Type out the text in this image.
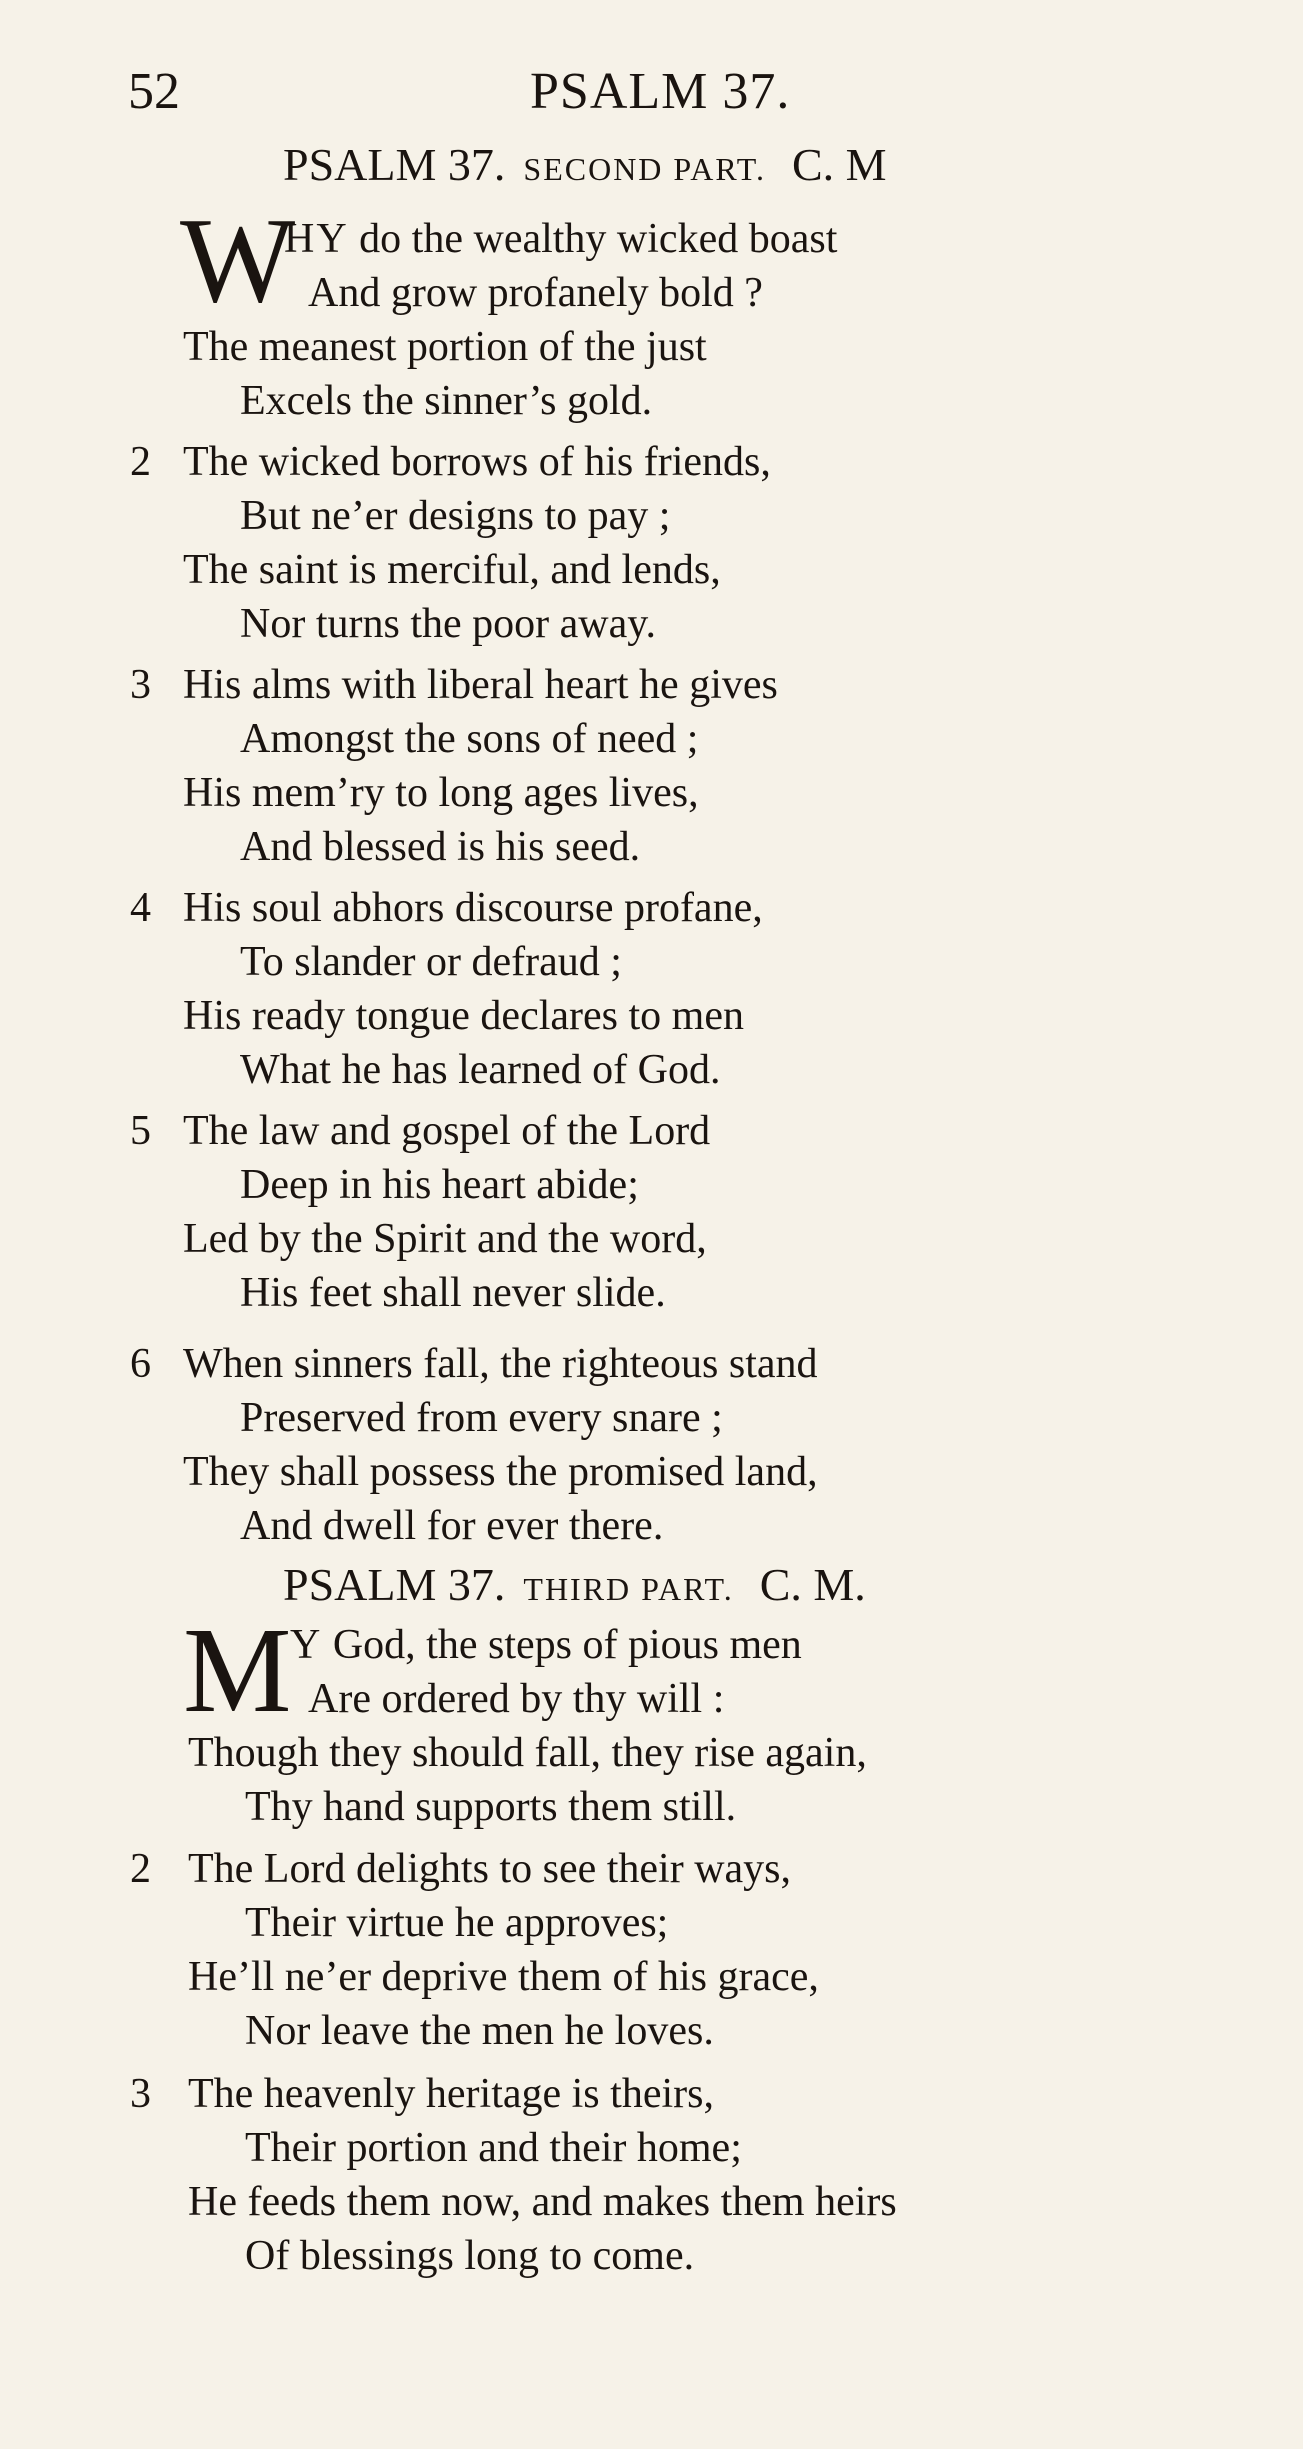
52	PSALM 37.
PSALM 37. SECOND PART. C. M
W
HY do the wealthy wicked boast
And grow profanely bold ?
The meanest portion of the just
Excels the sinner’s gold.
2 The wicked borrows of his friends,
But ne’er designs to pay ;
The saint is merciful, and lends,
Nor turns the poor away.
3 His alms with liberal heart he gives
Amongst the sons of need ;
His mem’ry to long ages lives,
And blessed is his seed.
4 His soul abhors discourse profane,
To slander or defraud ;
His ready tongue declares to men
What he has learned of God.
5 The law and gospel of the Lord
Deep in his heart abide;
Led by the Spirit and the word,
His feet shall never slide.
6 When sinners fall, the righteous stand
Preserved from every snare ;
They shall possess the promised land,
And dwell for ever there.
PSALM 37. THIRD PART. C. M.
M
Y God, the steps of pious men
Are ordered by thy will :
Though they should fall, they rise again,
Thy hand supports them still.
2 The Lord delights to see their ways,
Their virtue he approves;
He’ll ne’er deprive them of his grace,
Nor leave the men he loves.
3 The heavenly heritage is theirs,
Their portion and their home;
He feeds them now, and makes them heirs
Of blessings long to come.
